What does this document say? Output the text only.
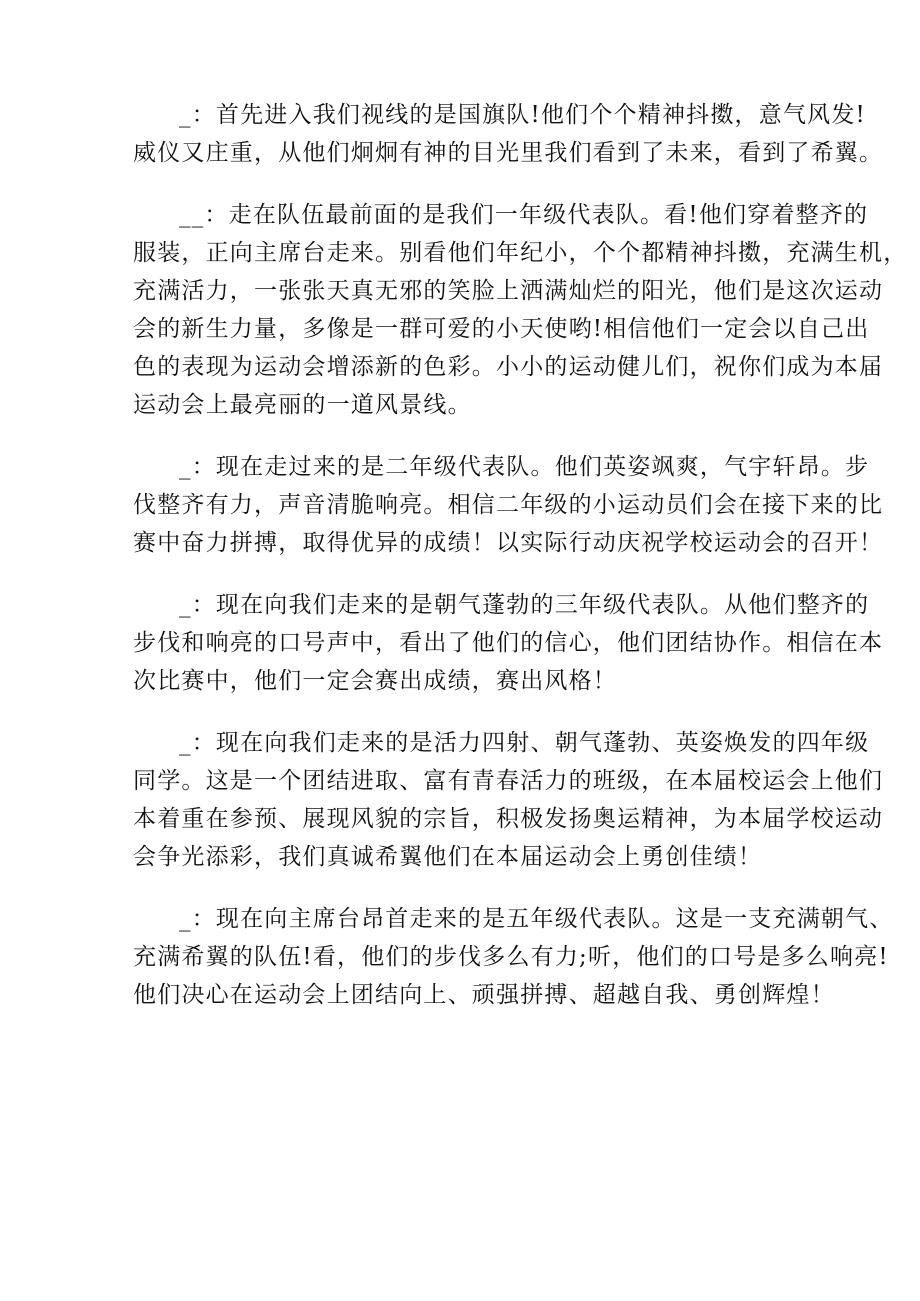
_：首先进入我们视线的是国旗队!他们个个精神抖擞，意气风发!
威仪又庄重，从他们炯炯有神的目光里我们看到了未来，看到了希翼。

__：走在队伍最前面的是我们一年级代表队。看!他们穿着整齐的
服装，正向主席台走来。别看他们年纪小，个个都精神抖擞，充满生机，
充满活力，一张张天真无邪的笑脸上洒满灿烂的阳光，他们是这次运动
会的新生力量，多像是一群可爱的小天使哟!相信他们一定会以自己出
色的表现为运动会增添新的色彩。小小的运动健儿们，祝你们成为本届
运动会上最亮丽的一道风景线。

_：现在走过来的是二年级代表队。他们英姿飒爽，气宇轩昂。步
伐整齐有力，声音清脆响亮。相信二年级的小运动员们会在接下来的比
赛中奋力拼搏，取得优异的成绩！以实际行动庆祝学校运动会的召开！

_：现在向我们走来的是朝气蓬勃的三年级代表队。从他们整齐的
步伐和响亮的口号声中，看出了他们的信心，他们团结协作。相信在本
次比赛中，他们一定会赛出成绩，赛出风格！

_：现在向我们走来的是活力四射、朝气蓬勃、英姿焕发的四年级
同学。这是一个团结进取、富有青春活力的班级，在本届校运会上他们
本着重在参预、展现风貌的宗旨，积极发扬奥运精神，为本届学校运动
会争光添彩，我们真诚希翼他们在本届运动会上勇创佳绩！

_：现在向主席台昂首走来的是五年级代表队。这是一支充满朝气、
充满希翼的队伍!看，他们的步伐多么有力;听，他们的口号是多么响亮!
他们决心在运动会上团结向上、顽强拼搏、超越自我、勇创辉煌！
